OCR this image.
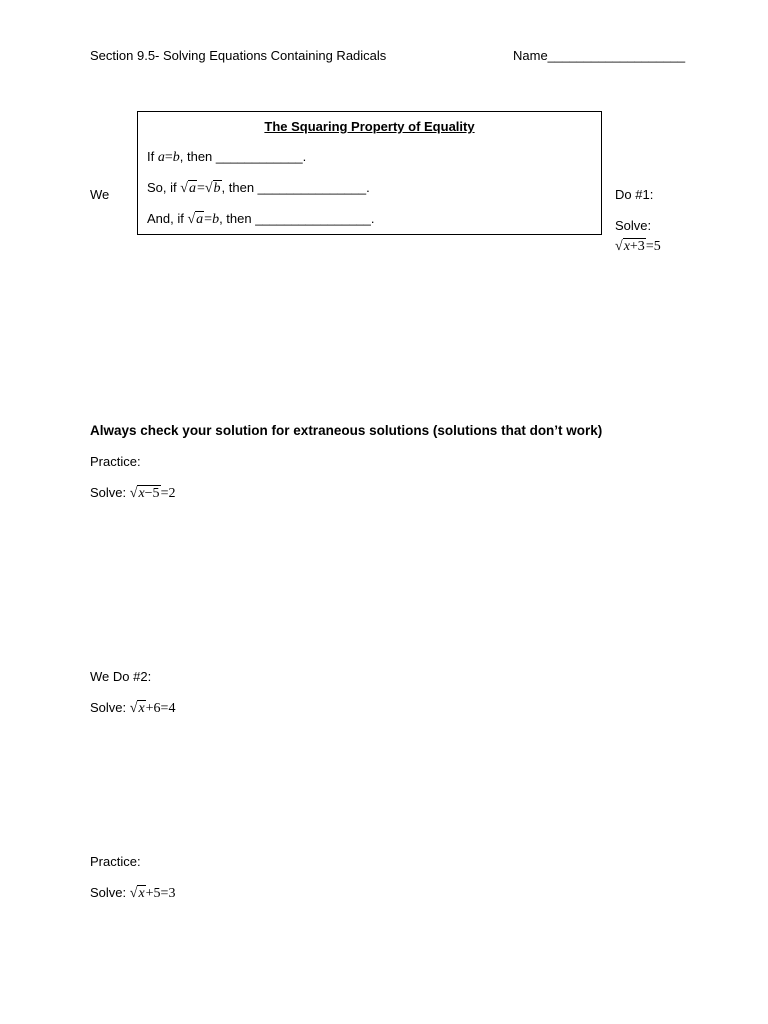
Section 9.5- Solving Equations Containing Radicals	Name___________________
We	Do #1:
Solve:
√x+3=5
The Squaring Property of Equality
If a=b, then ____________.
So, if √a=√b, then _______________.
And, if √a=b, then ________________.
Always check your solution for extraneous solutions (solutions that don’t work)
Practice:
Solve: √x−5=2
We Do #2:
Solve: √x+6=4
Practice:
Solve: √x+5=3
